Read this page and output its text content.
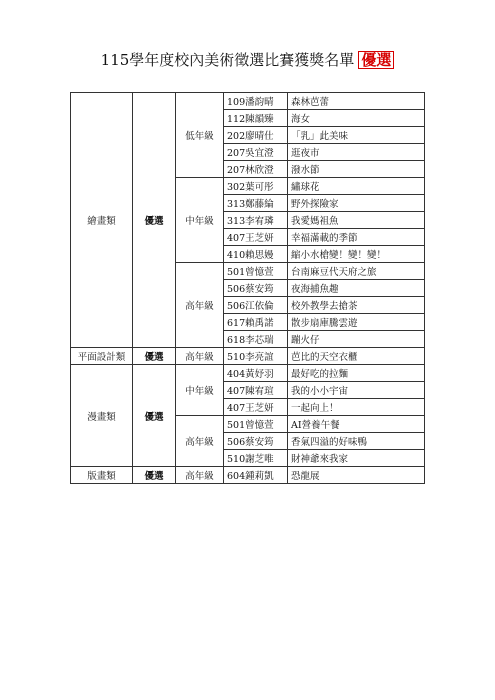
115學年度校內美術徵選比賽獲獎名單 優選
繪畫類	優選	低年級	109潘韵晴	森林芭蕾
			112陳韻臻	海女
			202廖晴仕	「乳」此美味
			207吳宜澄	逛夜市
			207林欣澄	潑水節
		中年級	302葉可彤	繡球花
			313鄭藤綸	野外探險家
			313李宥璘	我愛媽祖魚
			407王芝妍	幸福滿載的季節
			410賴思嫚	縮小水槍變！變！變！
		高年級	501曾憶萱	台南麻豆代天府之旅
			506蔡安筠	夜海捕魚趣
			506江依倫	校外教學去搶茶
			617賴禹諾	散步扇庫騰雲遊
			618李芯瑞	蹦火仔
平面設計類	優選	高年級	510李亮誼	芭比的天空衣櫃
漫畫類	優選	中年級	404黃妤羽	最好吃的拉麵
			407陳宥瑄	我的小小宇宙
			407王芝妍	一起向上！
		高年級	501曾憶萱	AI營養午餐
			506蔡安筠	香氣四溢的好味鴨
			510謝芝唯	財神爺來我家
版畫類	優選	高年級	604鍾莉凱	恐龍展
